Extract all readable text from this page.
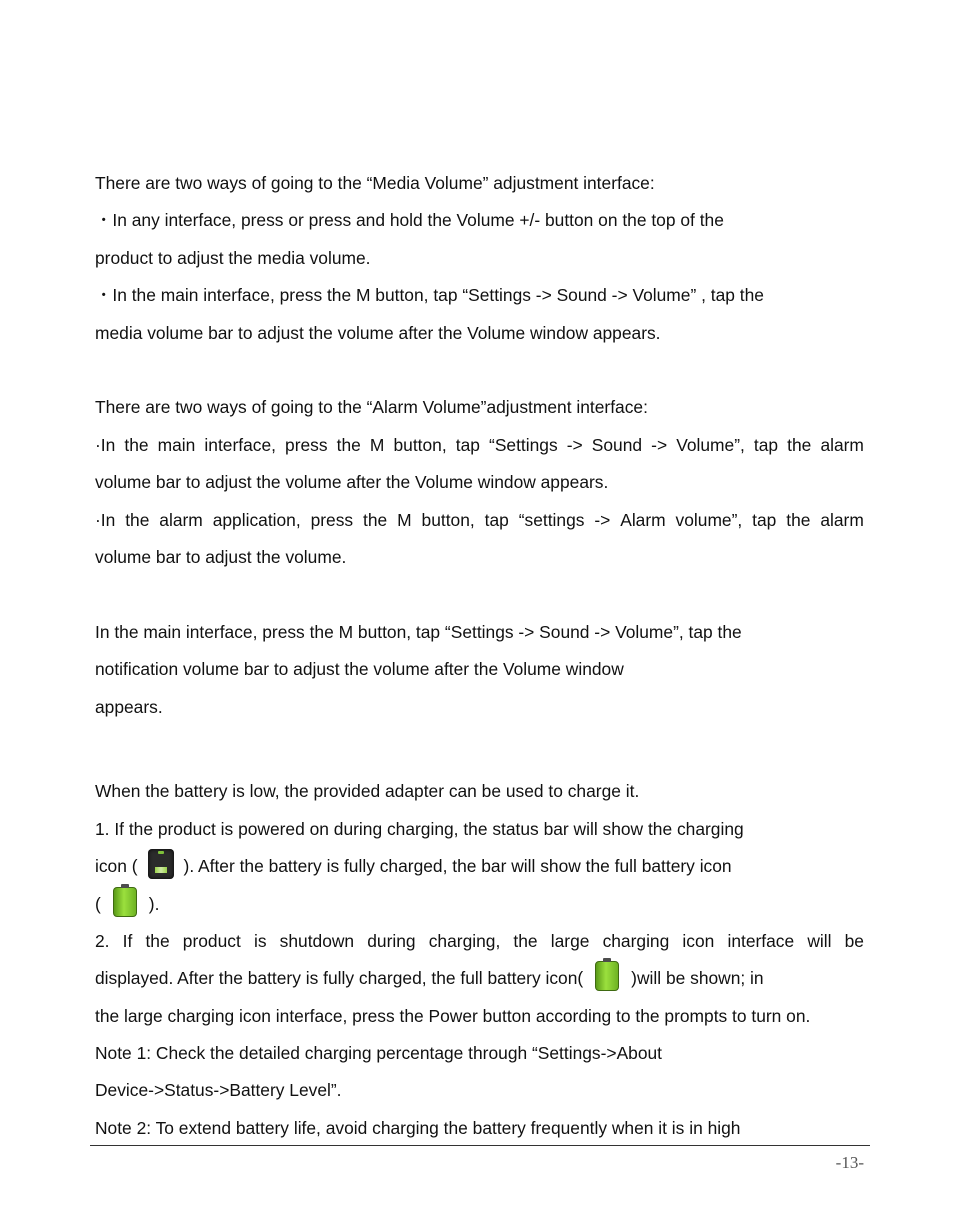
There are two ways of going to the “Media Volume” adjustment interface:
・In any interface, press or press and hold the Volume +/- button on the top of the
product to adjust the media volume.
・In the main interface, press the M button, tap “Settings -> Sound -> Volume” , tap the
media volume bar to adjust the volume after the Volume window appears.
There are two ways of going to the “Alarm Volume”adjustment interface:
·In the main interface, press the M button, tap “Settings -> Sound -> Volume”, tap the alarm
volume bar to adjust the volume after the Volume window appears.
·In the alarm application, press the M button, tap “settings -> Alarm volume”, tap the alarm
volume bar to adjust the volume.
In the main interface, press the M button, tap “Settings -> Sound -> Volume”, tap the
notification volume bar to adjust the volume after the Volume window
appears.
When the battery is low, the provided adapter can be used to charge it.
1. If the product is powered on during charging, the status bar will show the charging
icon (	). After the battery is fully charged, the bar will show the full battery icon
(	).
2. If the product is shutdown during charging, the large charging icon interface will be
displayed. After the battery is fully charged, the full battery icon(	)will be shown; in
the large charging icon interface, press the Power button according to the prompts to turn on.
Note 1: Check the detailed charging percentage through “Settings->About
Device->Status->Battery Level”.
Note 2: To extend battery life, avoid charging the battery frequently when it is in high
-13-
